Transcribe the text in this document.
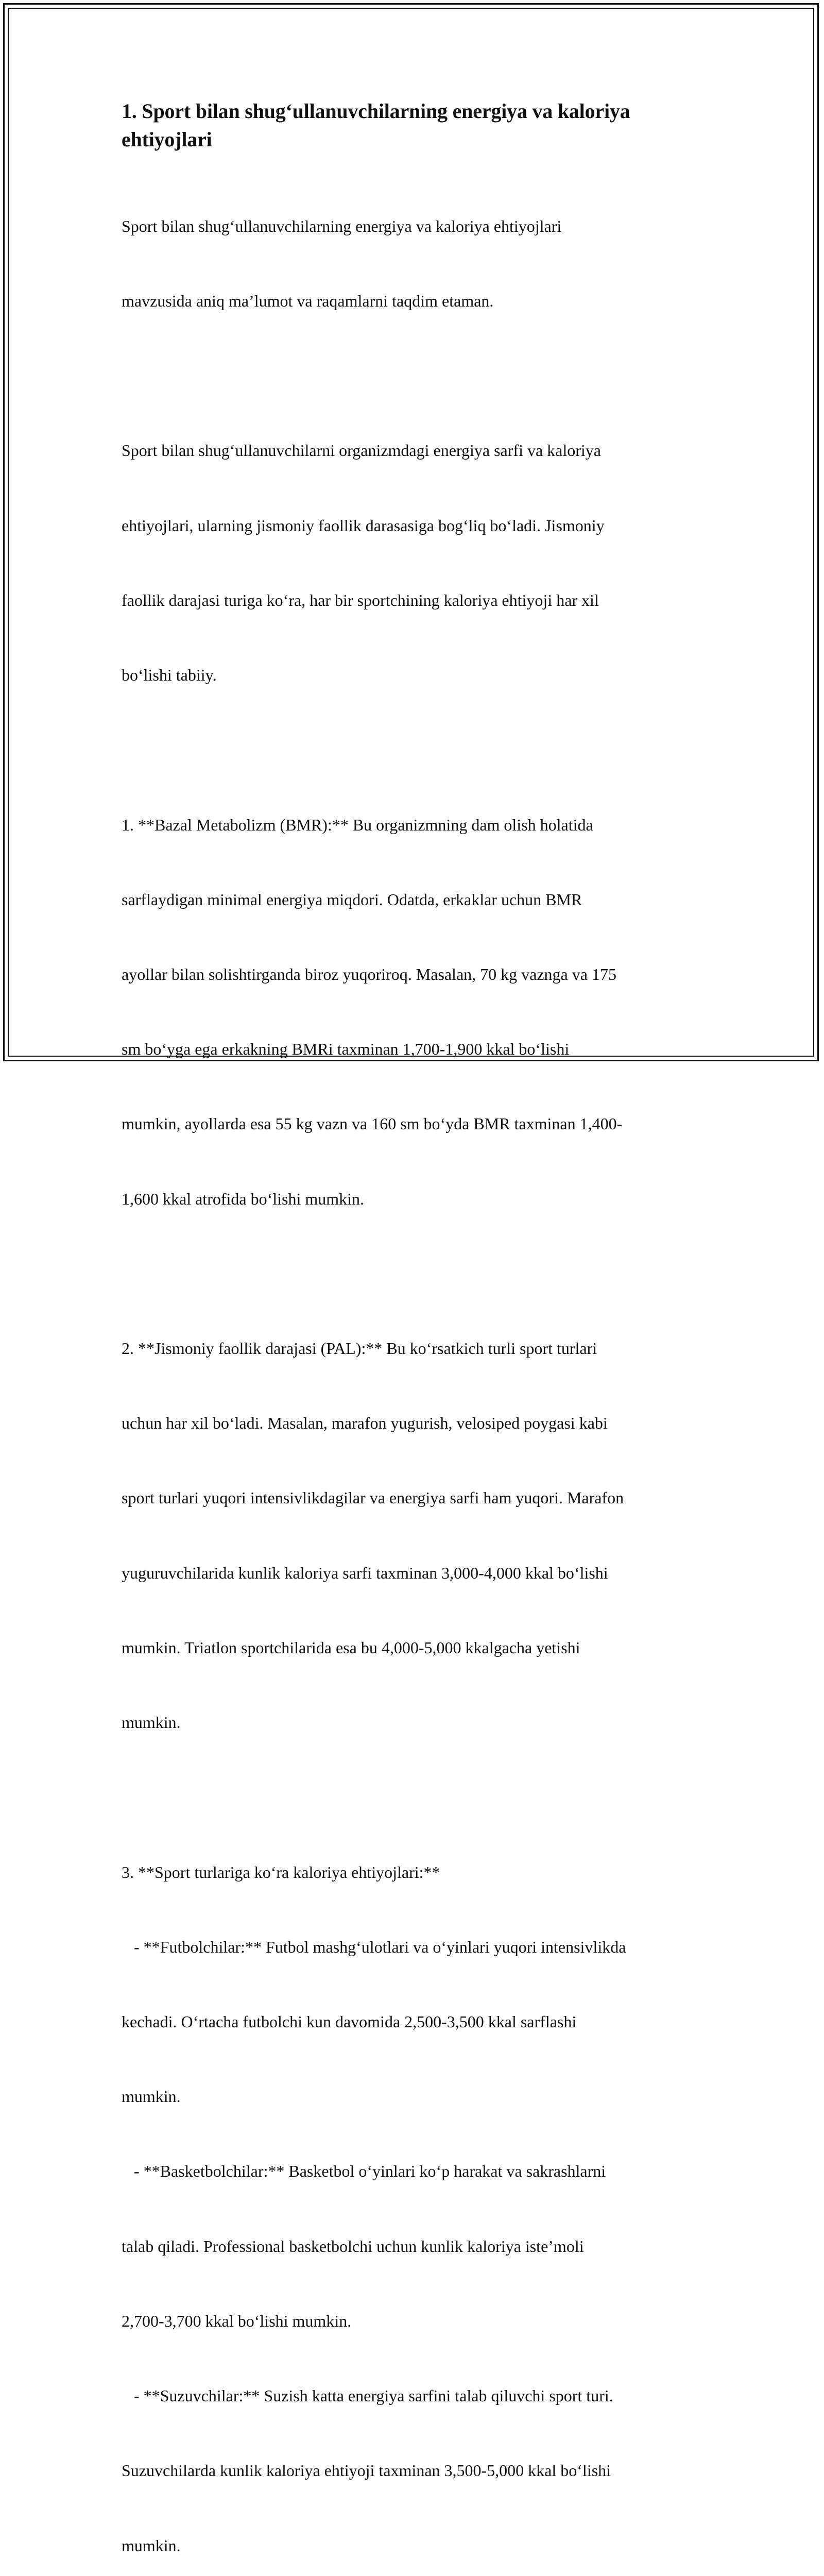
1. Sport bilan shug‘ullanuvchilarning energiya va kaloriya
ehtiyojlari

Sport bilan shug‘ullanuvchilarning energiya va kaloriya ehtiyojlari

mavzusida aniq ma’lumot va raqamlarni taqdim etaman.

Sport bilan shug‘ullanuvchilarni organizmdagi energiya sarfi va kaloriya

ehtiyojlari, ularning jismoniy faollik darasasiga bog‘liq bo‘ladi. Jismoniy

faollik darajasi turiga ko‘ra, har bir sportchining kaloriya ehtiyoji har xil

bo‘lishi tabiiy.

1. **Bazal Metabolizm (BMR):** Bu organizmning dam olish holatida

sarflaydigan minimal energiya miqdori. Odatda, erkaklar uchun BMR

ayollar bilan solishtirganda biroz yuqoriroq. Masalan, 70 kg vaznga va 175

sm bo‘yga ega erkakning BMRi taxminan 1,700-1,900 kkal bo‘lishi

mumkin, ayollarda esa 55 kg vazn va 160 sm bo‘yda BMR taxminan 1,400-

1,600 kkal atrofida bo‘lishi mumkin.

2. **Jismoniy faollik darajasi (PAL):** Bu ko‘rsatkich turli sport turlari

uchun har xil bo‘ladi. Masalan, marafon yugurish, velosiped poygasi kabi

sport turlari yuqori intensivlikdagilar va energiya sarfi ham yuqori. Marafon

yuguruvchilarida kunlik kaloriya sarfi taxminan 3,000-4,000 kkal bo‘lishi

mumkin. Triatlon sportchilarida esa bu 4,000-5,000 kkalgacha yetishi

mumkin.

3. **Sport turlariga ko‘ra kaloriya ehtiyojlari:**

- **Futbolchilar:** Futbol mashg‘ulotlari va o‘yinlari yuqori intensivlikda

kechadi. O‘rtacha futbolchi kun davomida 2,500-3,500 kkal sarflashi

mumkin.

- **Basketbolchilar:** Basketbol o‘yinlari ko‘p harakat va sakrashlarni

talab qiladi. Professional basketbolchi uchun kunlik kaloriya iste’moli

2,700-3,700 kkal bo‘lishi mumkin.

- **Suzuvchilar:** Suzish katta energiya sarfini talab qiluvchi sport turi.

Suzuvchilarda kunlik kaloriya ehtiyoji taxminan 3,500-5,000 kkal bo‘lishi

mumkin.
